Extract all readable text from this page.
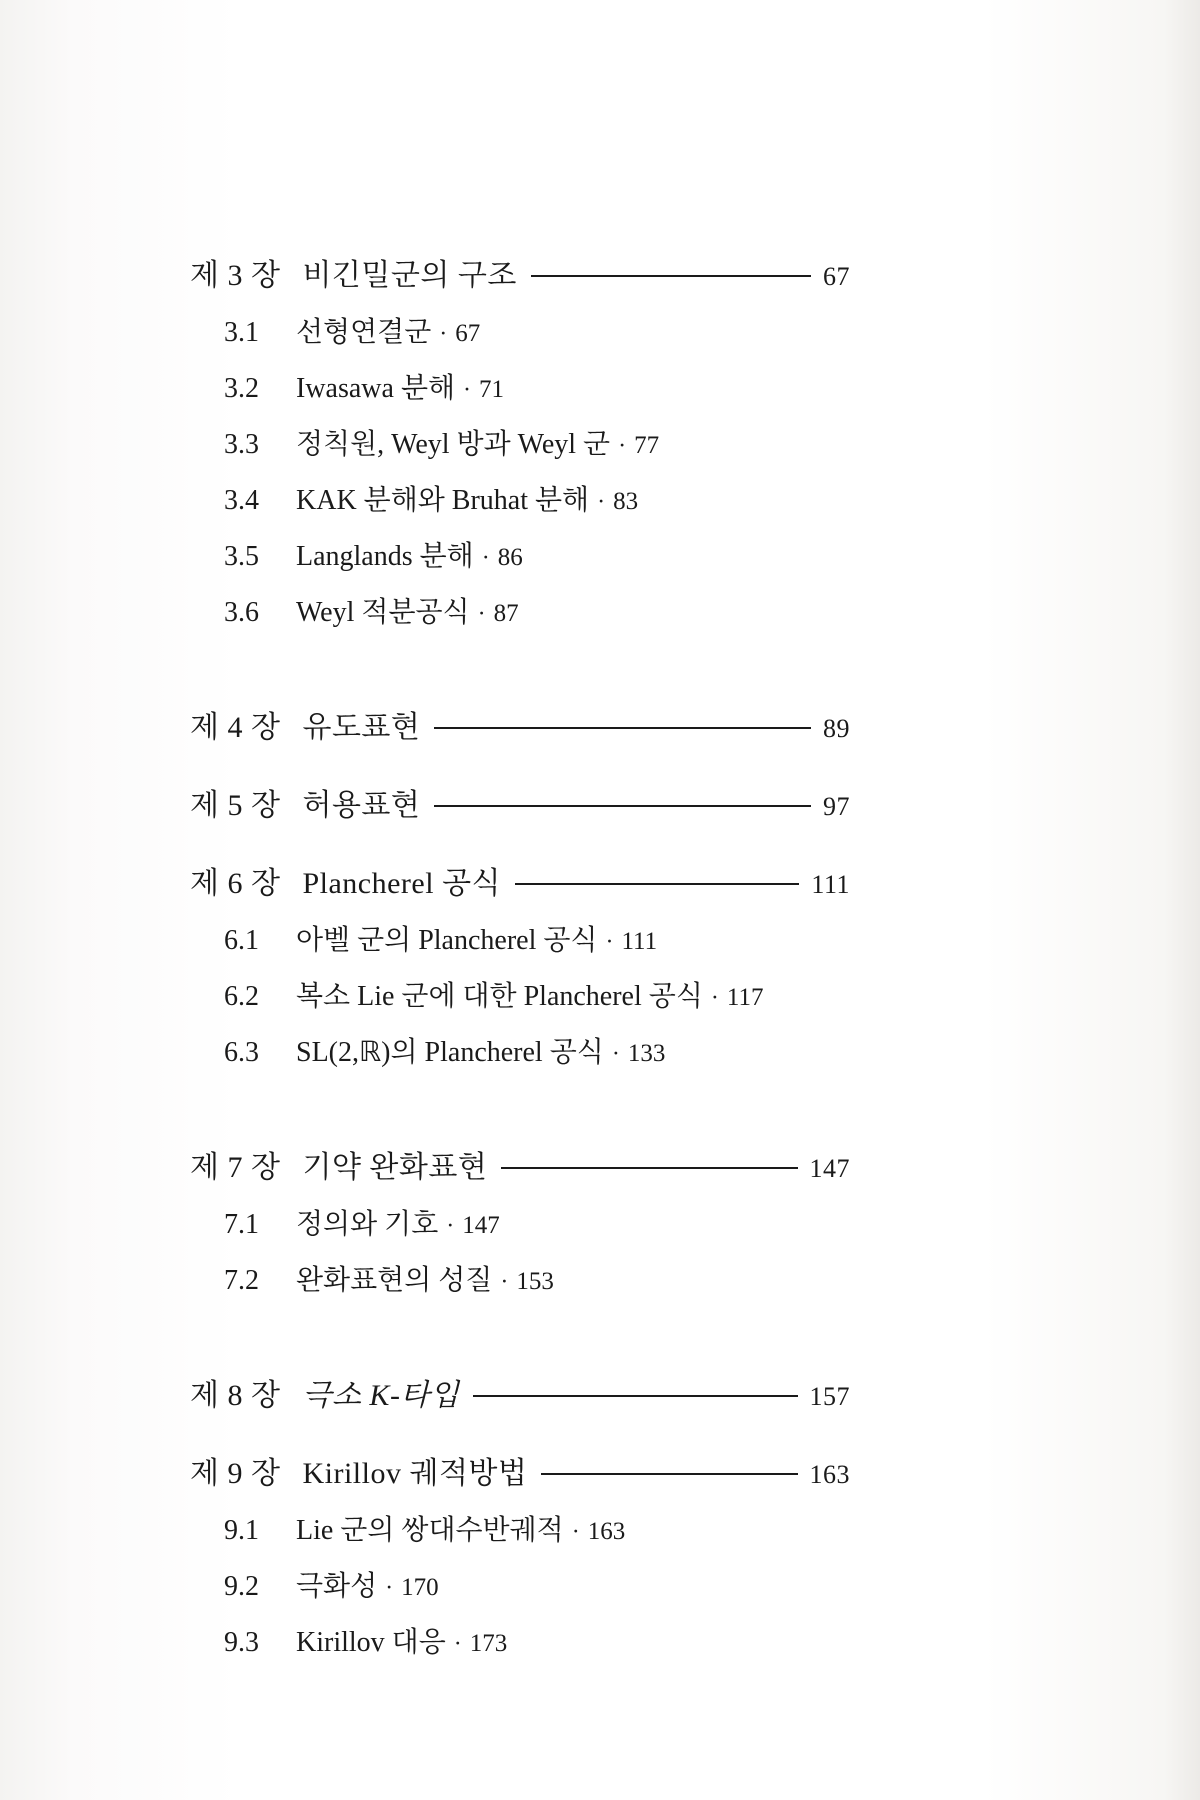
제 3 장 비긴밀군의 구조	67
3.1	선형연결군 · 67
3.2	Iwasawa 분해 · 71
3.3	정칙원, Weyl 방과 Weyl 군 · 77
3.4	KAK 분해와 Bruhat 분해 · 83
3.5	Langlands 분해 · 86
3.6	Weyl 적분공식 · 87
제 4 장 유도표현	89
제 5 장 허용표현	97
제 6 장 Plancherel 공식	111
6.1	아벨 군의 Plancherel 공식 · 111
6.2	복소 Lie 군에 대한 Plancherel 공식 · 117
6.3	SL(2,ℝ)의 Plancherel 공식 · 133
제 7 장 기약 완화표현	147
7.1	정의와 기호 · 147
7.2	완화표현의 성질 · 153
제 8 장 극소 K-타입	157
제 9 장 Kirillov 궤적방법	163
9.1	Lie 군의 쌍대수반궤적 · 163
9.2	극화성 · 170
9.3	Kirillov 대응 · 173
